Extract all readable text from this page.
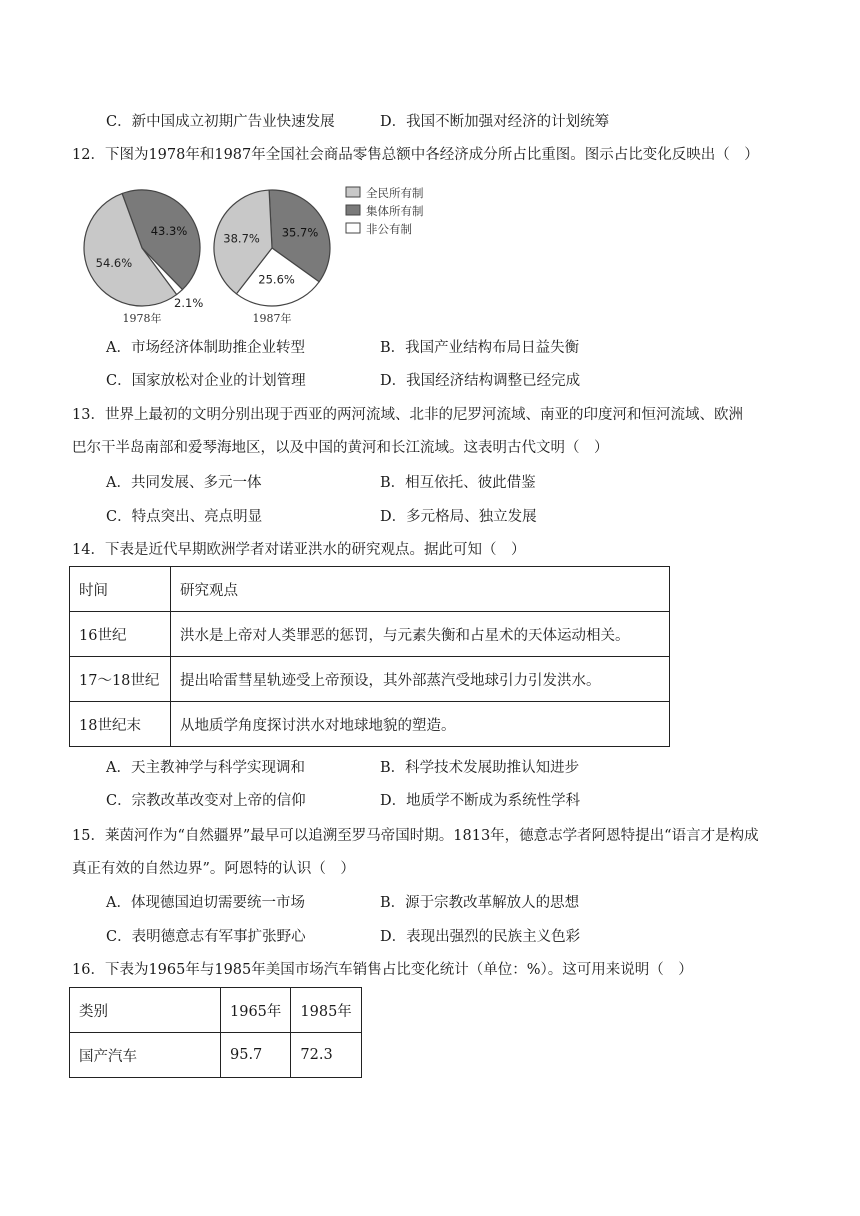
C．新中国成立初期广告业快速发展	D．我国不断加强对经济的计划统筹
12．下图为1978年和1987年全国社会商品零售总额中各经济成分所占比重图。图示占比变化反映出（　）
43.3%
2.1%
54.6%
1978年
35.7%
25.6%
38.7%
1987年
全民所有制
集体所有制
非公有制
A．市场经济体制助推企业转型	B．我国产业结构布局日益失衡
C．国家放松对企业的计划管理	D．我国经济结构调整已经完成
13．世界上最初的文明分别出现于西亚的两河流域、北非的尼罗河流域、南亚的印度河和恒河流域、欧洲
巴尔干半岛南部和爱琴海地区，以及中国的黄河和长江流域。这表明古代文明（　）
A．共同发展、多元一体	B．相互依托、彼此借鉴
C．特点突出、亮点明显	D．多元格局、独立发展
14．下表是近代早期欧洲学者对诺亚洪水的研究观点。据此可知（　）
时间	研究观点
16世纪	洪水是上帝对人类罪恶的惩罚，与元素失衡和占星术的天体运动相关。
17～18世纪	提出哈雷彗星轨迹受上帝预设，其外部蒸汽受地球引力引发洪水。
18世纪末	从地质学角度探讨洪水对地球地貌的塑造。
A．天主教神学与科学实现调和	B．科学技术发展助推认知进步
C．宗教改革改变对上帝的信仰	D．地质学不断成为系统性学科
15．莱茵河作为“自然疆界”最早可以追溯至罗马帝国时期。1813年，德意志学者阿恩特提出“语言才是构成
真正有效的自然边界”。阿恩特的认识（　）
A．体现德国迫切需要统一市场	B．源于宗教改革解放人的思想
C．表明德意志有军事扩张野心	D．表现出强烈的民族主义色彩
16．下表为1965年与1985年美国市场汽车销售占比变化统计（单位：%）。这可用来说明（　）
类别	1965年	1985年
国产汽车	95.7	72.3
